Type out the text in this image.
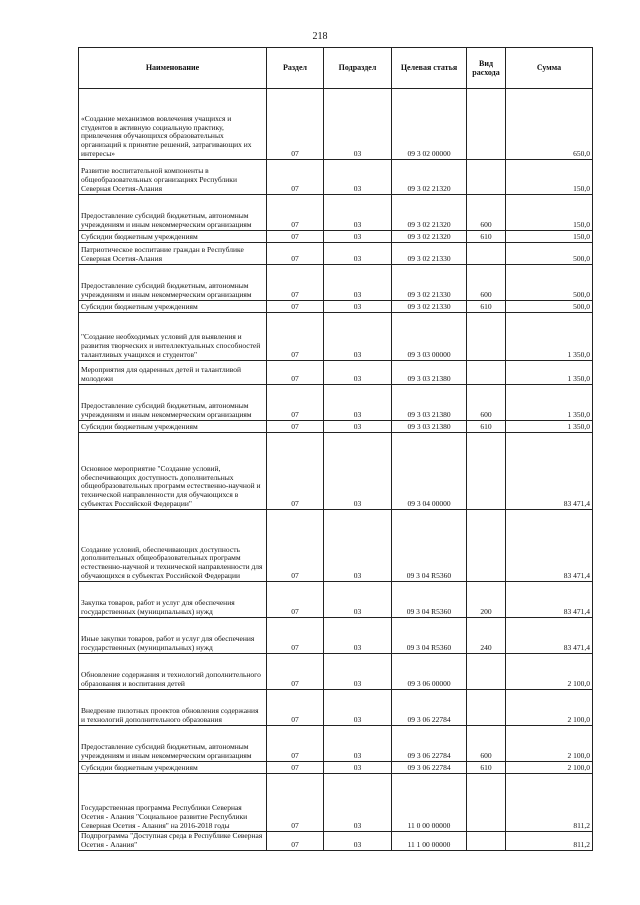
218
Наименование	Раздел	Подраздел	Целевая статья	Вид расхода	Сумма
«Создание механизмов вовлечения учащихся и студентов в активную социальную практику, привлечения обучающихся образовательных организаций к принятие решений, затрагивающих их интересы»	07	03	09 3 02 00000		650,0
Развитие воспитательной компоненты в общеобразовательных организациях Республики Северная Осетия-Алания	07	03	09 3 02 21320		150,0
Предоставление субсидий бюджетным, автономным учреждениям и иным некоммерческим организациям	07	03	09 3 02 21320	600	150,0
Субсидии бюджетным учреждениям	07	03	09 3 02 21320	610	150,0
Патриотическое воспитание граждан в Республике Северная Осетия-Алания	07	03	09 3 02 21330		500,0
Предоставление субсидий бюджетным, автономным учреждениям и иным некоммерческим организациям	07	03	09 3 02 21330	600	500,0
Субсидии бюджетным учреждениям	07	03	09 3 02 21330	610	500,0
"Создание необходимых условий для выявления и развития творческих и интеллектуальных способностей талантливых учащихся и студентов"	07	03	09 3 03 00000		1 350,0
Мероприятия для одаренных детей и талантливой молодежи	07	03	09 3 03 21380		1 350,0
Предоставление субсидий бюджетным, автономным учреждениям и иным некоммерческим организациям	07	03	09 3 03 21380	600	1 350,0
Субсидии бюджетным учреждениям	07	03	09 3 03 21380	610	1 350,0
Основное мероприятие "Создание условий, обеспечивающих доступность дополнительных общеобразовательных программ естественно-научной и технической направленности для обучающихся в субъектах Российской Федерации"	07	03	09 3 04 00000		83 471,4
Создание условий, обеспечивающих доступность дополнительных общеобразовательных программ естественно-научной и технической направленности для обучающихся в субъектах Российской Федерации	07	03	09 3 04 R5360		83 471,4
Закупка товаров, работ и услуг для обеспечения государственных (муниципальных) нужд	07	03	09 3 04 R5360	200	83 471,4
Иные закупки товаров, работ и услуг для обеспечения государственных (муниципальных) нужд	07	03	09 3 04 R5360	240	83 471,4
Обновление содержания и технологий дополнительного образования и воспитания детей	07	03	09 3 06 00000		2 100,0
Внедрение пилотных проектов обновления содержания и технологий дополнительного образования	07	03	09 3 06 22784		2 100,0
Предоставление субсидий бюджетным, автономным учреждениям и иным некоммерческим организациям	07	03	09 3 06 22784	600	2 100,0
Субсидии бюджетным учреждениям	07	03	09 3 06 22784	610	2 100,0
Государственная программа Республики Северная Осетия - Алания "Социальное развитие Республики Северная Осетия - Алания" на 2016-2018 годы	07	03	11 0 00 00000		811,2
Подпрограмма "Доступная среда в Республике Северная Осетия - Алания"	07	03	11 1 00 00000		811,2
